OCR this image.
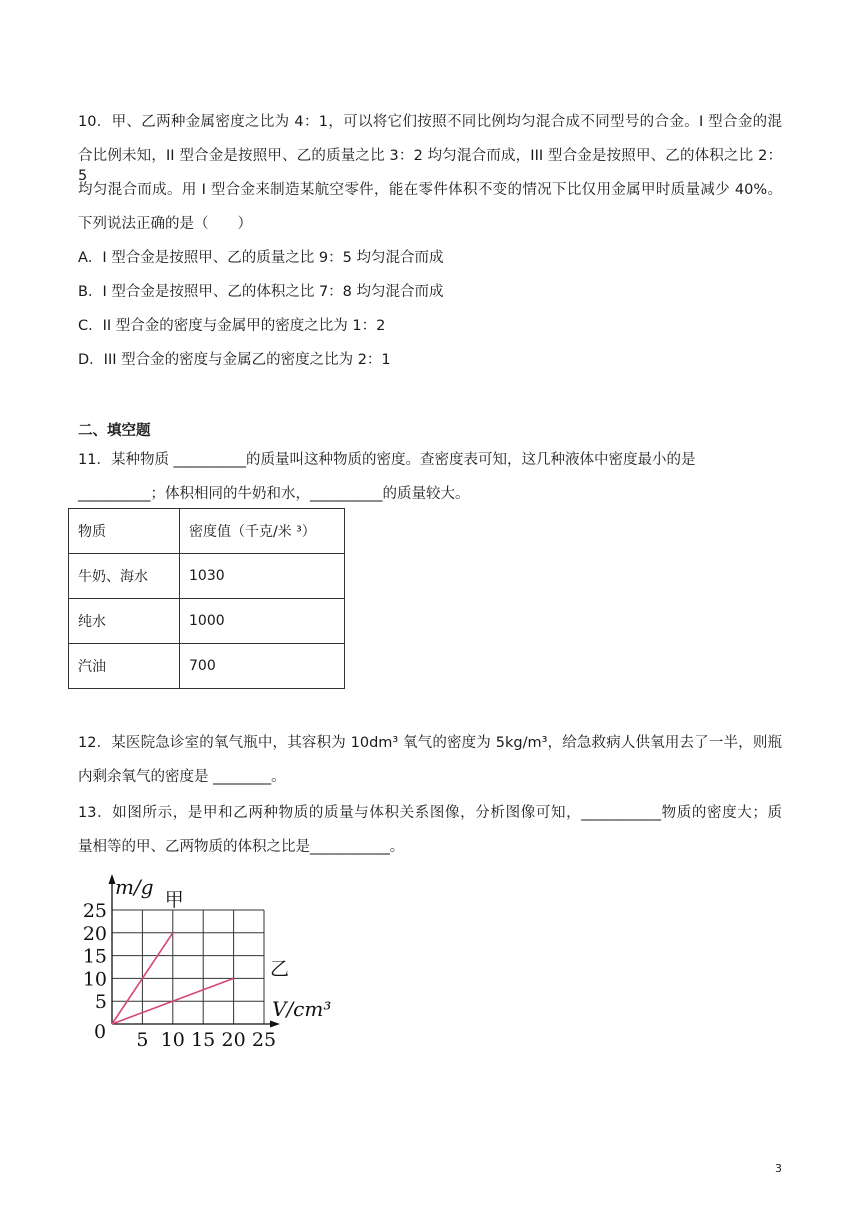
10．甲、乙两种金属密度之比为 4：1，可以将它们按照不同比例均匀混合成不同型号的合金。I 型合金的混
合比例未知，II 型合金是按照甲、乙的质量之比 3：2 均匀混合而成，III 型合金是按照甲、乙的体积之比 2：5
均匀混合而成。用 I 型合金来制造某航空零件，能在零件体积不变的情况下比仅用金属甲时质量减少 40%。
下列说法正确的是（　　）
A．I 型合金是按照甲、乙的质量之比 9：5 均匀混合而成
B．I 型合金是按照甲、乙的体积之比 7：8 均匀混合而成
C．II 型合金的密度与金属甲的密度之比为 1：2
D．III 型合金的密度与金属乙的密度之比为 2：1
二、填空题
11．某种物质 __________的质量叫这种物质的密度。查密度表可知，这几种液体中密度最小的是
__________；体积相同的牛奶和水，__________的质量较大。
物质	密度值（千克/米 ³）
牛奶、海水	1030
纯水	1000
汽油	700
12．某医院急诊室的氧气瓶中，其容积为 10dm³ 氧气的密度为 5kg/m³，给急救病人供氧用去了一半，则瓶
内剩余氧气的密度是 ________。
13．如图所示，是甲和乙两种物质的质量与体积关系图像，分析图像可知，___________物质的密度大；质
量相等的甲、乙两物质的体积之比是___________。
甲
乙
5
10
15
20
25
5 10 15 20 25
0
m/g
V/cm³
3
